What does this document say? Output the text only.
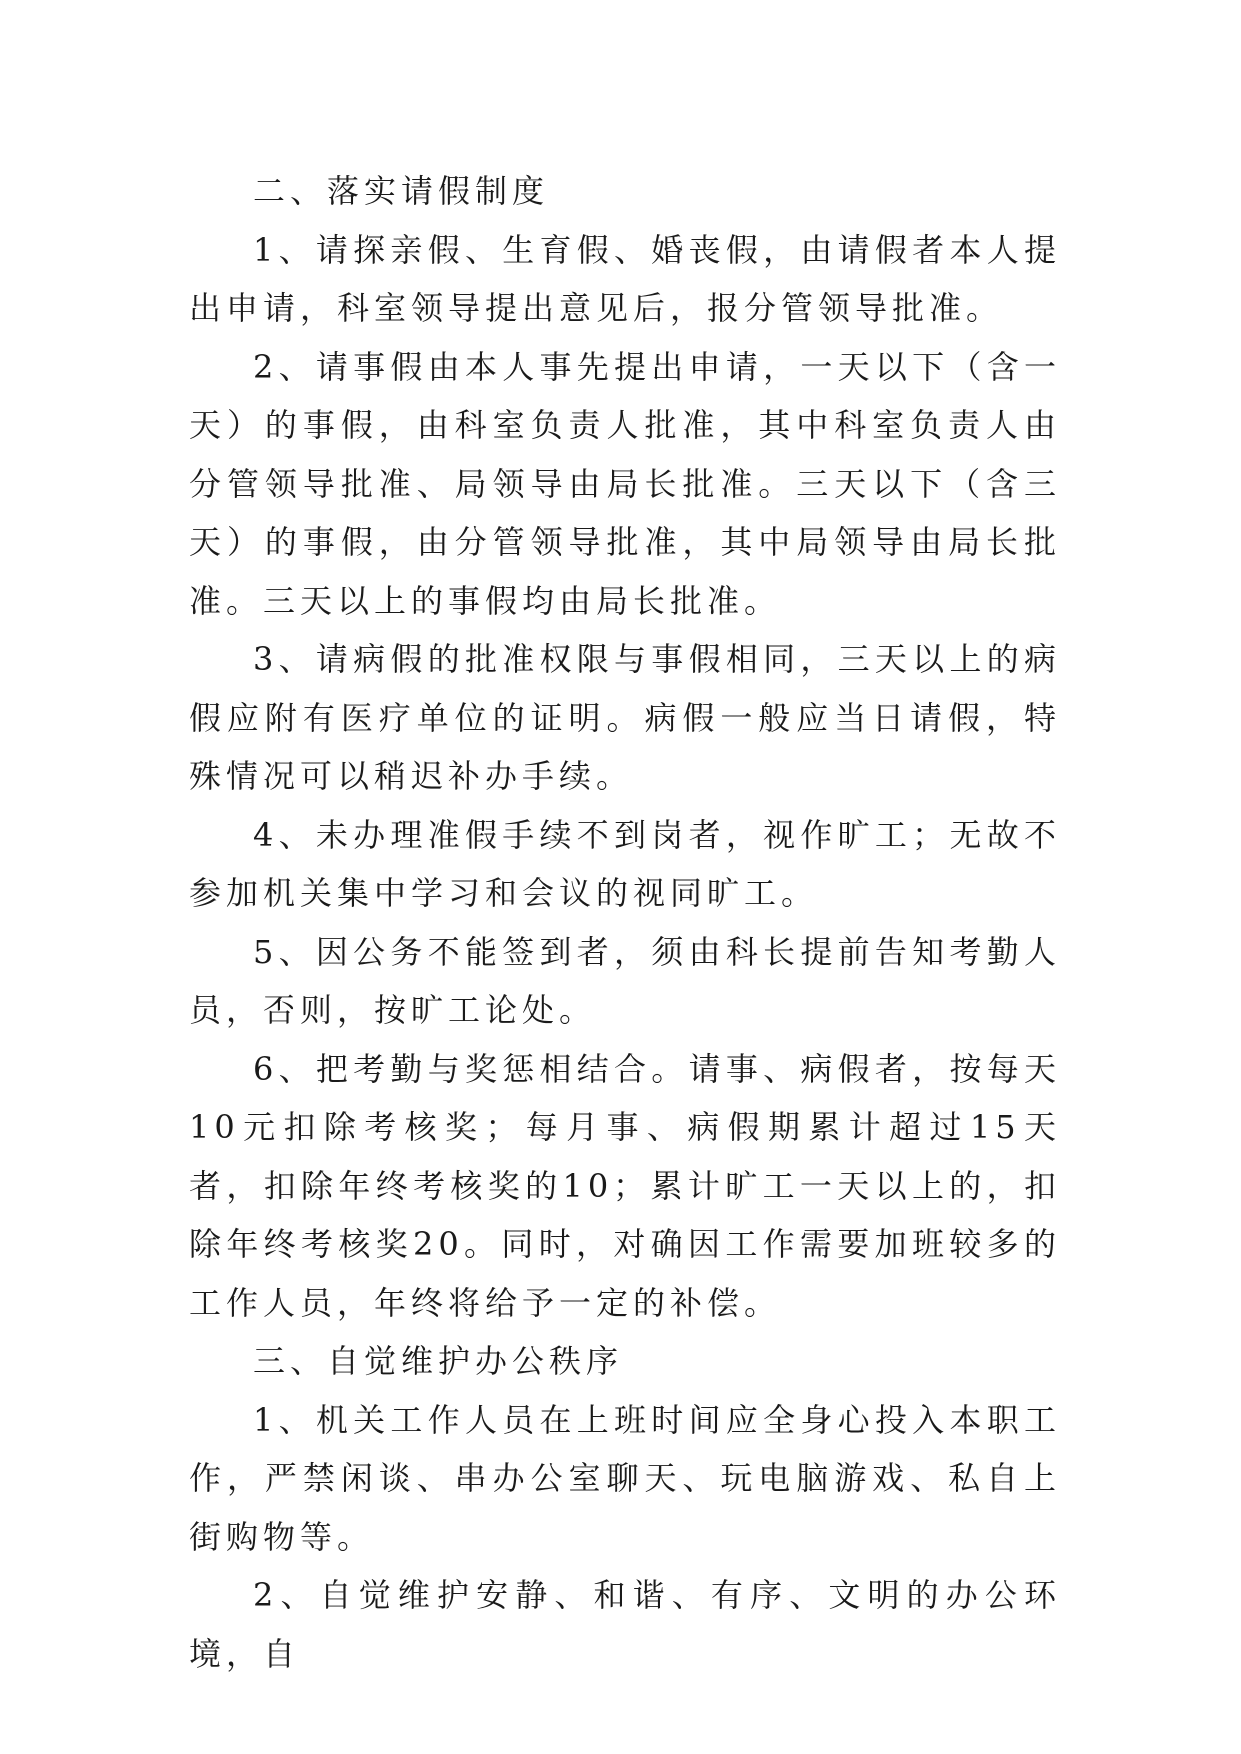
二、落实请假制度

1、请探亲假、生育假、婚丧假，由请假者本人提出申请，科室领导提出意见后，报分管领导批准。

2、请事假由本人事先提出申请，一天以下（含一天）的事假，由科室负责人批准，其中科室负责人由分管领导批准、局领导由局长批准。三天以下（含三天）的事假，由分管领导批准，其中局领导由局长批准。三天以上的事假均由局长批准。

3、请病假的批准权限与事假相同，三天以上的病假应附有医疗单位的证明。病假一般应当日请假，特殊情况可以稍迟补办手续。

4、未办理准假手续不到岗者，视作旷工；无故不参加机关集中学习和会议的视同旷工。

5、因公务不能签到者，须由科长提前告知考勤人员，否则，按旷工论处。

6、把考勤与奖惩相结合。请事、病假者，按每天10元扣除考核奖；每月事、病假期累计超过15天者，扣除年终考核奖的10；累计旷工一天以上的，扣除年终考核奖20。同时，对确因工作需要加班较多的工作人员，年终将给予一定的补偿。

三、自觉维护办公秩序

1、机关工作人员在上班时间应全身心投入本职工作，严禁闲谈、串办公室聊天、玩电脑游戏、私自上街购物等。

2、自觉维护安静、和谐、有序、文明的办公环境，自
